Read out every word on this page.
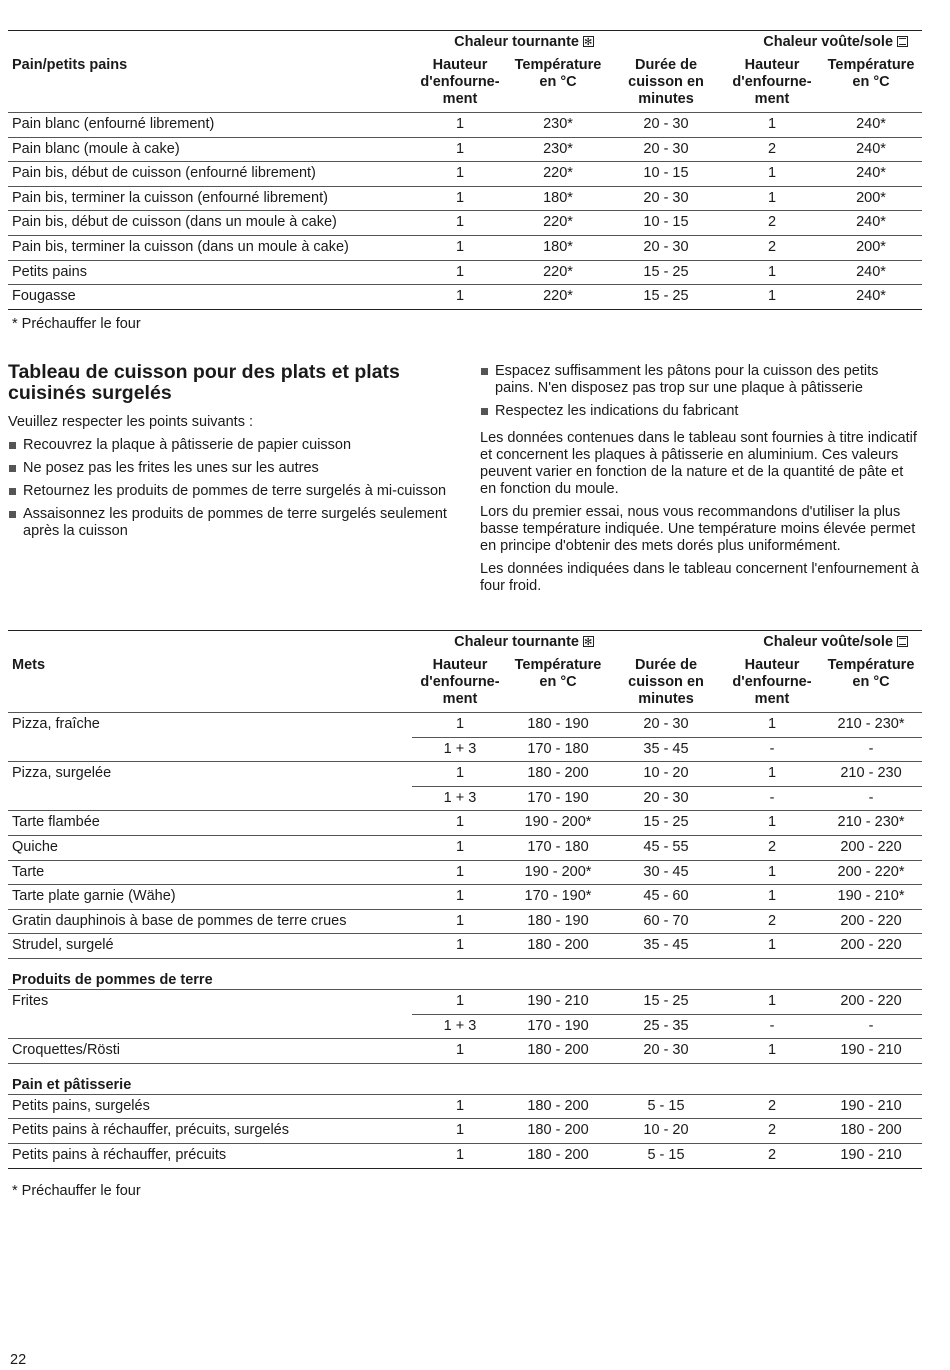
	Chaleur tournante✻			Chaleur voûte/sole	
Pain/petits pains	Hauteur d'enfourne-ment	Température en °C	Durée de cuisson en minutes	Hauteur d'enfourne-ment	Température en °C
Pain blanc (enfourné librement)	1	230*	20 - 30	1	240*
Pain blanc (moule à cake)	1	230*	20 - 30	2	240*
Pain bis, début de cuisson (enfourné librement)	1	220*	10 - 15	1	240*
Pain bis, terminer la cuisson (enfourné librement)	1	180*	20 - 30	1	200*
Pain bis, début de cuisson (dans un moule à cake)	1	220*	10 - 15	2	240*
Pain bis, terminer la cuisson (dans un moule à cake)	1	180*	20 - 30	2	200*
Petits pains	1	220*	15 - 25	1	240*
Fougasse	1	220*	15 - 25	1	240*
* Préchauffer le four
Tableau de cuisson pour des plats et plats cuisinés surgelés

Veuillez respecter les points suivants :

Recouvrez la plaque à pâtisserie de papier cuisson
Ne posez pas les frites les unes sur les autres
Retournez les produits de pommes de terre surgelés à mi-cuisson
Assaisonnez les produits de pommes de terre surgelés seulement après la cuisson
Espacez suffisamment les pâtons pour la cuisson des petits pains. N'en disposez pas trop sur une plaque à pâtisserie
Respectez les indications du fabricant

Les données contenues dans le tableau sont fournies à titre indicatif et concernent les plaques à pâtisserie en aluminium. Ces valeurs peuvent varier en fonction de la nature et de la quantité de pâte et en fonction du moule.

Lors du premier essai, nous vous recommandons d'utiliser la plus basse température indiquée. Une température moins élevée permet en principe d'obtenir des mets dorés plus uniformément.

Les données indiquées dans le tableau concernent l'enfournement à four froid.

	Chaleur tournante✻			Chaleur voûte/sole	
Mets	Hauteur d'enfourne-ment	Température en °C	Durée de cuisson en minutes	Hauteur d'enfourne-ment	Température en °C
Pizza, fraîche	1	180 - 190	20 - 30	1	210 - 230*
	1 + 3	170 - 180	35 - 45	-	-
Pizza, surgelée	1	180 - 200	10 - 20	1	210 - 230
	1 + 3	170 - 190	20 - 30	-	-
Tarte flambée	1	190 - 200*	15 - 25	1	210 - 230*
Quiche	1	170 - 180	45 - 55	2	200 - 220
Tarte	1	190 - 200*	30 - 45	1	200 - 220*
Tarte plate garnie (Wähe)	1	170 - 190*	45 - 60	1	190 - 210*
Gratin dauphinois à base de pommes de terre crues	1	180 - 190	60 - 70	2	200 - 220
Strudel, surgelé	1	180 - 200	35 - 45	1	200 - 220
Produits de pommes de terre					
Frites	1	190 - 210	15 - 25	1	200 - 220
	1 + 3	170 - 190	25 - 35	-	-
Croquettes/Rösti	1	180 - 200	20 - 30	1	190 - 210
Pain et pâtisserie					
Petits pains, surgelés	1	180 - 200	5 - 15	2	190 - 210
Petits pains à réchauffer, précuits, surgelés	1	180 - 200	10 - 20	2	180 - 200
Petits pains à réchauffer, précuits	1	180 - 200	5 - 15	2	190 - 210
* Préchauffer le four
22
